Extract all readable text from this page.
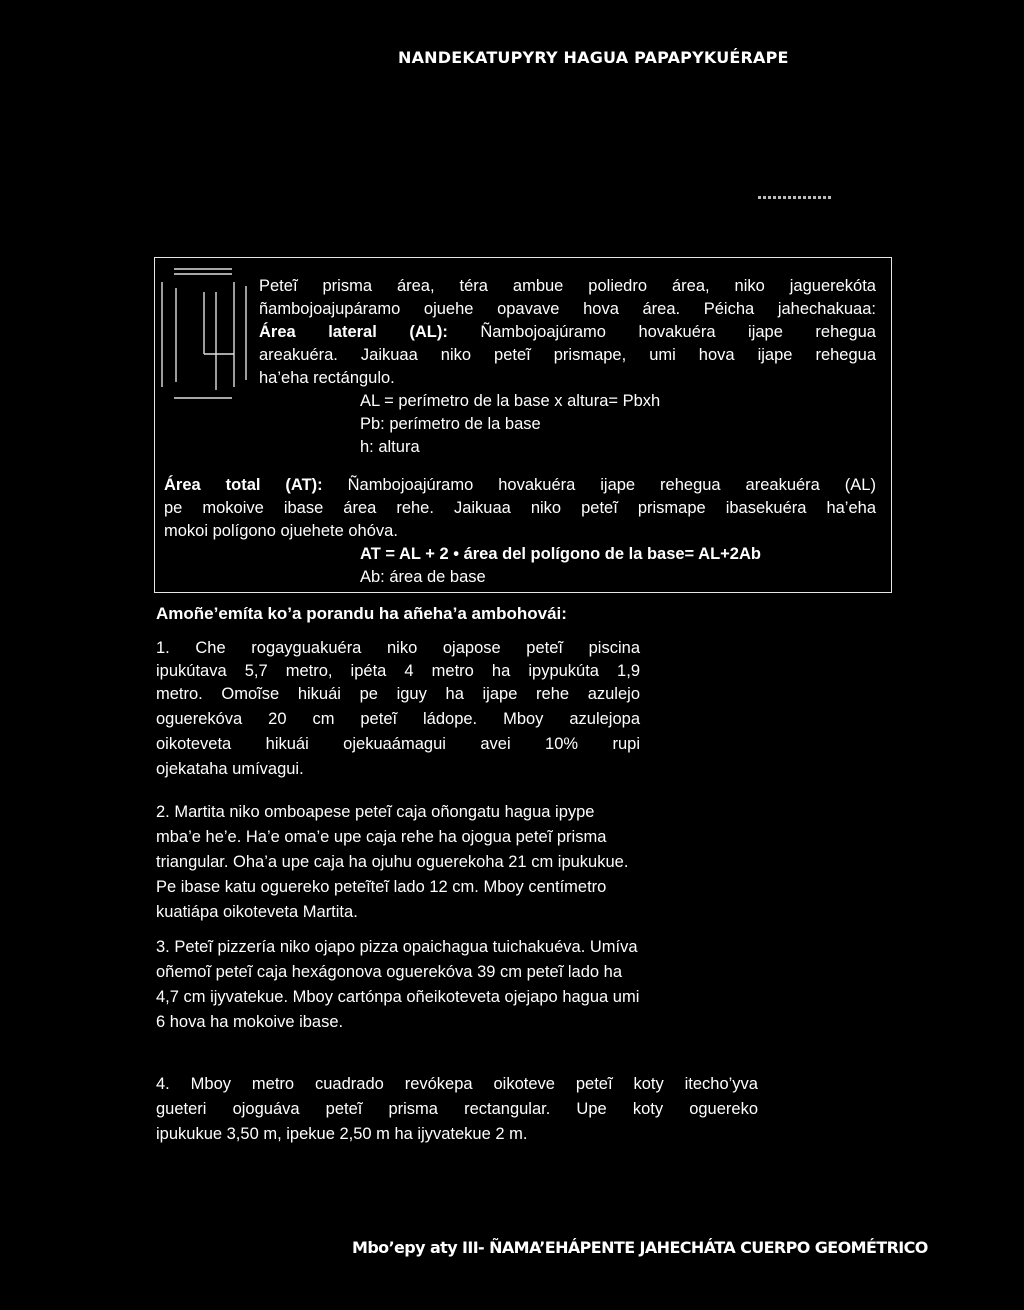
NANDEKATUPYRY HAGUA PAPAPYKUÉRAPE

Peteĩ prisma área, téra ambue poliedro área, niko jaguerekóta

ñambojoajupáramo ojuehe opavave hova área. Péicha jahechakuaa:

Área lateral (AL): Ñambojoajúramo hovakuéra ijape rehegua

areakuéra. Jaikuaa niko peteĩ prismape, umi hova ijape rehegua

ha’eha rectángulo.

AL = perímetro de la base x altura= Pbxh

Pb: perímetro de la base

h: altura

Área total (AT): Ñambojoajúramo hovakuéra ijape rehegua areakuéra (AL)

pe mokoive ibase área rehe. Jaikuaa niko peteĩ prismape ibasekuéra ha’eha

mokoi polígono ojuehete ohóva.

AT = AL + 2 • área del polígono de la base= AL+2Ab

Ab: área de base

Amoñe’emíta ko’a porandu ha añeha’a ambohovái:

1. Che rogayguakuéra niko ojapose peteĩ piscina

ipukútava 5,7 metro, ipéta 4 metro ha ipypukúta 1,9

metro. Omoĩse hikuái pe iguy ha ijape rehe azulejo

oguerekóva 20 cm peteĩ ládope. Mboy azulejopa

oikoteveta hikuái ojekuaámagui avei 10% rupi

ojekataha umívagui.

2. Martita niko omboapese peteĩ caja oñongatu hagua ipype

mba’e he’e. Ha’e oma’e upe caja rehe ha ojogua peteĩ prisma

triangular. Oha’a upe caja ha ojuhu oguerekoha 21 cm ipukukue.

Pe ibase katu oguereko peteĩteĩ lado 12 cm. Mboy centímetro

kuatiápa oikoteveta Martita.

3. Peteĩ pizzería niko ojapo pizza opaichagua tuichakuéva. Umíva

oñemoĩ peteĩ caja hexágonova oguerekóva 39 cm peteĩ lado ha

4,7 cm ijyvatekue. Mboy cartónpa oñeikoteveta ojejapo hagua umi

6 hova ha mokoive ibase.

4. Mboy metro cuadrado revókepa oikoteve peteĩ koty itecho’yva

gueteri ojoguáva peteĩ prisma rectangular. Upe koty oguereko

ipukukue 3,50 m, ipekue 2,50 m ha ijyvatekue 2 m.

Mbo’epy aty III- ÑAMA’EHÁPENTE JAHECHÁTA CUERPO GEOMÉTRICO
